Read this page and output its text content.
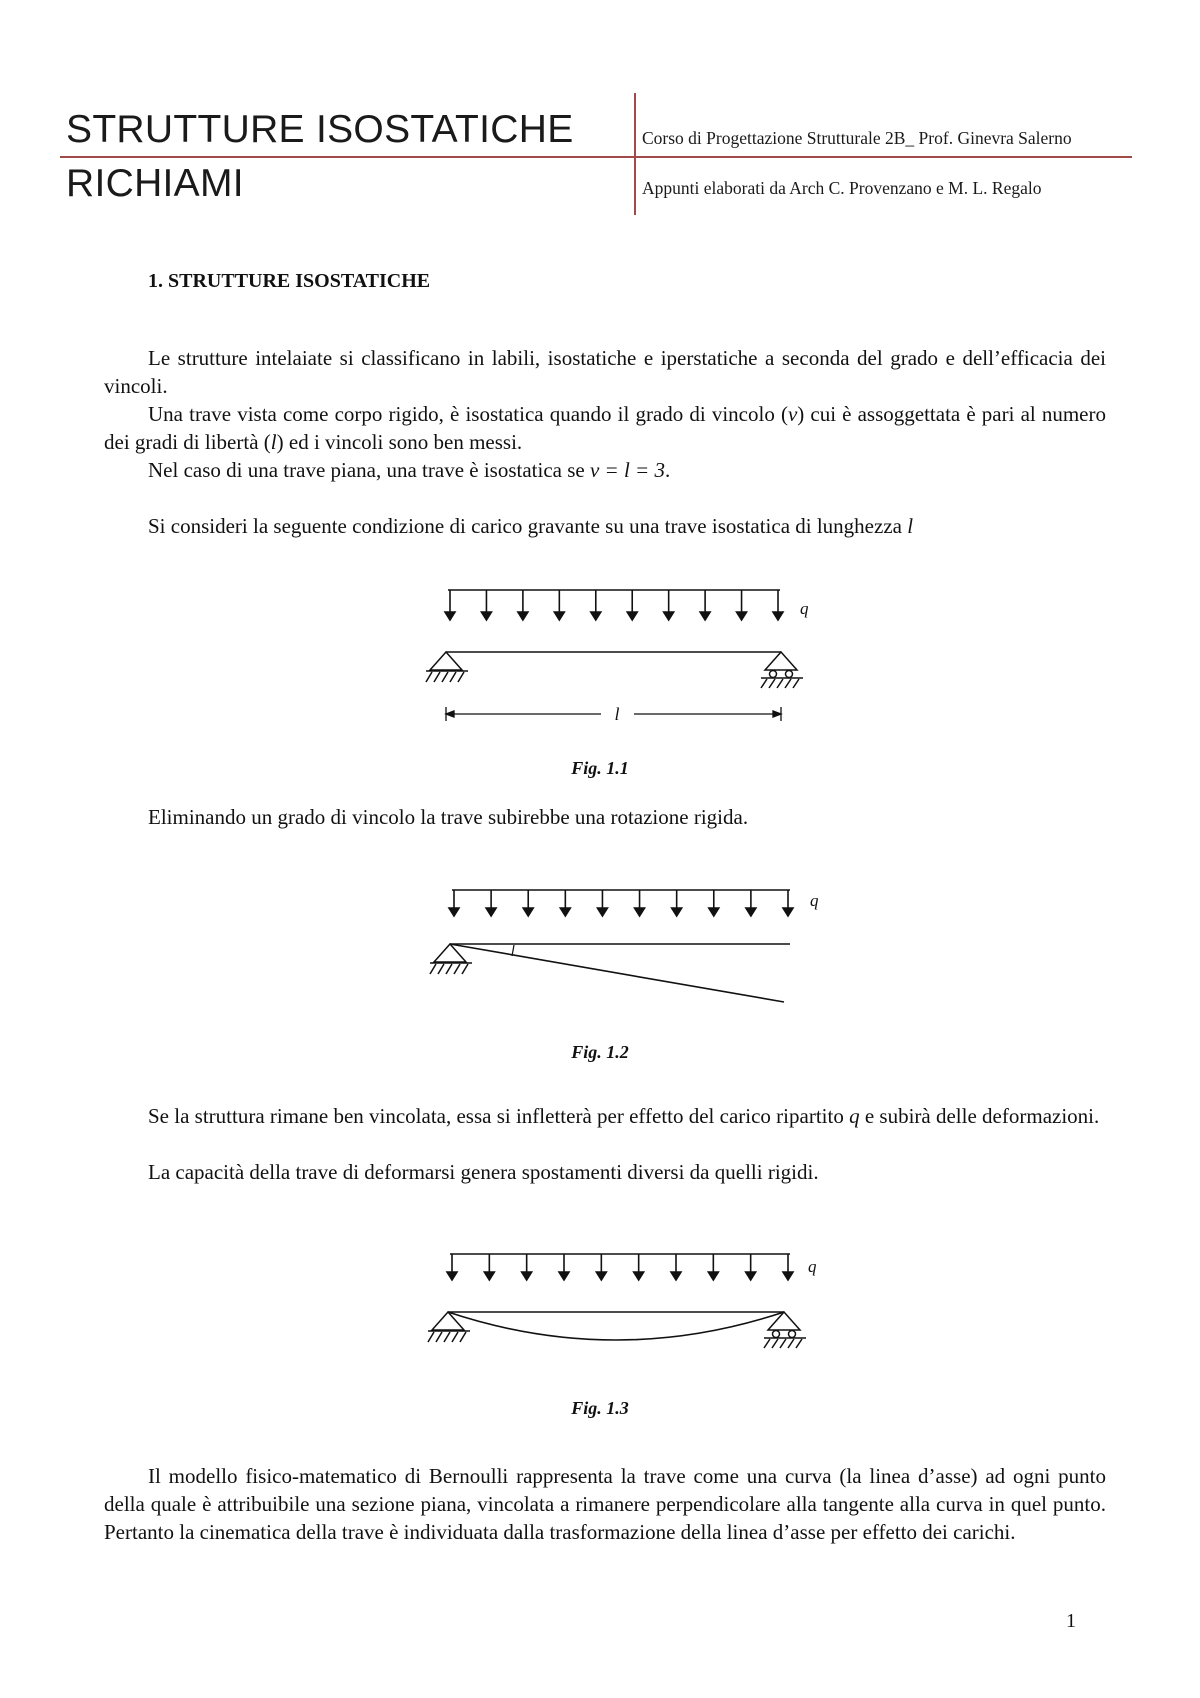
STRUTTURE ISOSTATICHE
RICHIAMI
Corso di Progettazione Strutturale 2B_ Prof. Ginevra Salerno
Appunti elaborati da Arch C. Provenzano e M. L. Regalo
1. STRUTTURE ISOSTATICHE

Le strutture intelaiate si classificano in labili, isostatiche e iperstatiche a seconda del grado e dell’efficacia dei vincoli.

Una trave vista come corpo rigido, è isostatica quando il grado di vincolo (v) cui è assoggettata è pari al numero dei gradi di libertà (l) ed i vincoli sono ben messi.

Nel caso di una trave piana, una trave è isostatica se v = l = 3.

Si consideri la seguente condizione di carico gravante su una trave isostatica di lunghezza l

q
l
Fig. 1.1

Eliminando un grado di vincolo la trave subirebbe una rotazione rigida.

q
Fig. 1.2

Se la struttura rimane ben vincolata, essa si infletterà per effetto del carico ripartito q e subirà delle deformazioni.

La capacità della trave di deformarsi genera spostamenti diversi da quelli rigidi.

q
Fig. 1.3

Il modello fisico-matematico di Bernoulli rappresenta la trave come una curva (la linea d’asse) ad ogni punto della quale è attribuibile una sezione piana, vincolata a rimanere perpendicolare alla tangente alla curva in quel punto. Pertanto la cinematica della trave è individuata dalla trasformazione della linea d’asse per effetto dei carichi.

1
